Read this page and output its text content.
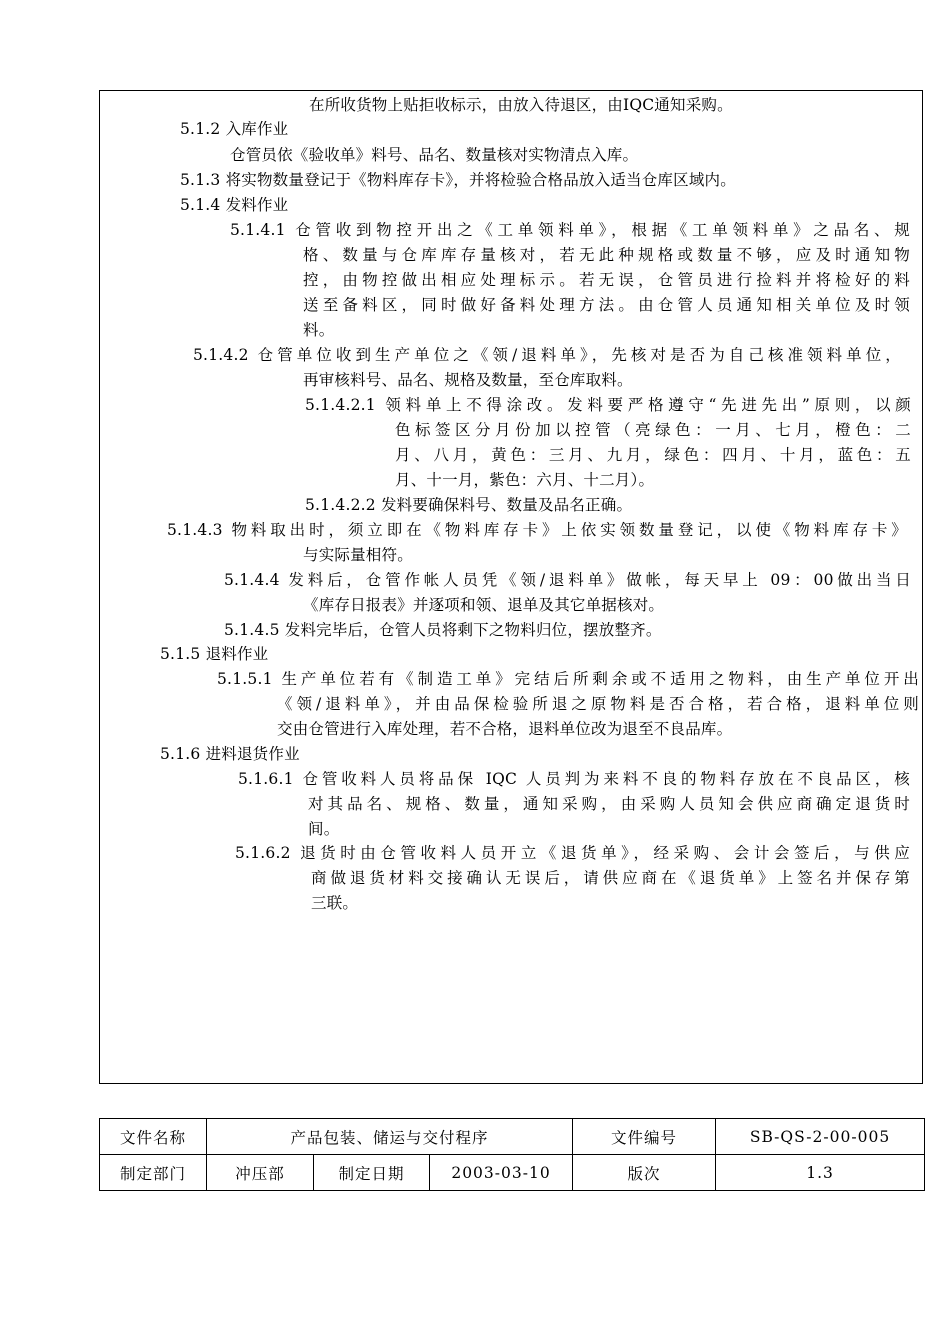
在所收货物上贴拒收标示，由放入待退区，由IQC通知采购。
5.1.2 入库作业
仓管员依《验收单》料号、品名、数量核对实物清点入库。
5.1.3 将实物数量登记于《物料库存卡》，并将检验合格品放入适当仓库区域内。
5.1.4 发料作业
5.1.4.1 仓管收到物控开出之《工单领料单》，根据《工单领料单》之品名、规
格、数量与仓库库存量核对，若无此种规格或数量不够，应及时通知物
控，由物控做出相应处理标示。若无误，仓管员进行捡料并将检好的料
送至备料区，同时做好备料处理方法。由仓管人员通知相关单位及时领
料。
5.1.4.2 仓管单位收到生产单位之《领/退料单》，先核对是否为自己核准领料单位，
再审核料号、品名、规格及数量，至仓库取料。
5.1.4.2.1 领料单上不得涂改。发料要严格遵守“先进先出”原则，以颜
色标签区分月份加以控管（亮绿色：一月、七月，橙色：二
月、八月，黄色：三月、九月，绿色：四月、十月，蓝色：五
月、十一月，紫色：六月、十二月）。
5.1.4.2.2 发料要确保料号、数量及品名正确。
5.1.4.3 物料取出时，须立即在《物料库存卡》上依实领数量登记，以使《物料库存卡》
与实际量相符。
5.1.4.4 发料后，仓管作帐人员凭《领/退料单》做帐，每天早上 09：00做出当日
《库存日报表》并逐项和领、退单及其它单据核对。
5.1.4.5 发料完毕后，仓管人员将剩下之物料归位，摆放整齐。
5.1.5 退料作业
5.1.5.1 生产单位若有《制造工单》完结后所剩余或不适用之物料，由生产单位开出
《领/退料单》，并由品保检验所退之原物料是否合格，若合格，退料单位则
交由仓管进行入库处理，若不合格，退料单位改为退至不良品库。
5.1.6 进料退货作业
5.1.6.1 仓管收料人员将品保 IQC 人员判为来料不良的物料存放在不良品区，核
对其品名、规格、数量，通知采购，由采购人员知会供应商确定退货时
间。
5.1.6.2 退货时由仓管收料人员开立《退货单》，经采购、会计会签后，与供应
商做退货材料交接确认无误后，请供应商在《退货单》上签名并保存第
三联。
文件名称	产品包装、储运与交付程序			文件编号	SB-QS-2-00-005
制定部门	冲压部	制定日期	2003-03-10	版次	1.3
